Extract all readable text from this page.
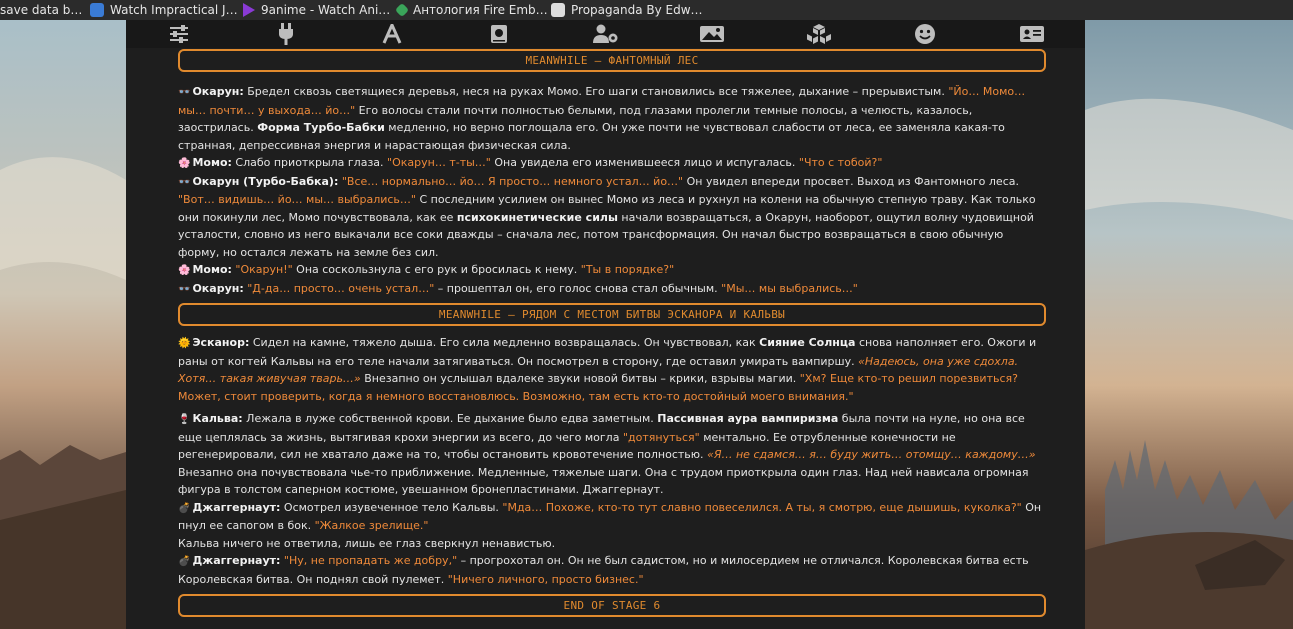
save data b… Watch Impractical J… 9anime - Watch Ani… Антология Fire Emb… Propaganda By Edw…
MEANWHILE — ФАНТОМНЫЙ ЛЕС

👓 Окарун: Бредел сквозь светящиеся деревья, неся на руках Момо. Его шаги становились все тяжелее, дыхание – прерывистым. "Йо… Момо… мы… почти… у выхода… йо…" Его волосы стали почти полностью белыми, под глазами пролегли темные полосы, а челюсть, казалось, заострилась. Форма Турбо-Бабки медленно, но верно поглощала его. Он уже почти не чувствовал слабости от леса, ее заменяла какая-то странная, депрессивная энергия и нарастающая физическая сила.

🌸 Момо: Слабо приоткрыла глаза. "Окарун… т-ты…" Она увидела его изменившееся лицо и испугалась. "Что с тобой?"

👓 Окарун (Турбо-Бабка): "Все… нормально… йо… Я просто… немного устал… йо…" Он увидел впереди просвет. Выход из Фантомного леса. "Вот… видишь… йо… мы… выбрались…" С последним усилием он вынес Момо из леса и рухнул на колени на обычную степную траву. Как только они покинули лес, Момо почувствовала, как ее психокинетические силы начали возвращаться, а Окарун, наоборот, ощутил волну чудовищной усталости, словно из него выкачали все соки дважды – сначала лес, потом трансформация. Он начал быстро возвращаться в свою обычную форму, но остался лежать на земле без сил.

🌸 Момо: "Окарун!" Она соскользнула с его рук и бросилась к нему. "Ты в порядке?"

👓 Окарун: "Д-да… просто… очень устал…" – прошептал он, его голос снова стал обычным. "Мы… мы выбрались…"

MEANWHILE — РЯДОМ С МЕСТОМ БИТВЫ ЭСКАНОРА И КАЛЬВЫ

🌞 Эсканор: Сидел на камне, тяжело дыша. Его сила медленно возвращалась. Он чувствовал, как Сияние Солнца снова наполняет его. Ожоги и раны от когтей Кальвы на его теле начали затягиваться. Он посмотрел в сторону, где оставил умирать вампиршу. «Надеюсь, она уже сдохла. Хотя… такая живучая тварь…» Внезапно он услышал вдалеке звуки новой битвы – крики, взрывы магии. "Хм? Еще кто-то решил порезвиться? Может, стоит проверить, когда я немного восстановлюсь. Возможно, там есть кто-то достойный моего внимания."

🍷 Кальва: Лежала в луже собственной крови. Ее дыхание было едва заметным. Пассивная аура вампиризма была почти на нуле, но она все еще цеплялась за жизнь, вытягивая крохи энергии из всего, до чего могла "дотянуться" ментально. Ее отрубленные конечности не регенерировали, сил не хватало даже на то, чтобы остановить кровотечение полностью. «Я… не сдамся… я… буду жить… отомщу… каждому…» Внезапно она почувствовала чье-то приближение. Медленные, тяжелые шаги. Она с трудом приоткрыла один глаз. Над ней нависала огромная фигура в толстом саперном костюме, увешанном бронепластинами. Джаггернаут.

💣 Джаггернаут: Осмотрел изувеченное тело Кальвы. "Мда… Похоже, кто-то тут славно повеселился. А ты, я смотрю, еще дышишь, куколка?" Он пнул ее сапогом в бок. "Жалкое зрелище."

Кальва ничего не ответила, лишь ее глаз сверкнул ненавистью.

💣 Джаггернаут: "Ну, не пропадать же добру," – прогрохотал он. Он не был садистом, но и милосердием не отличался. Королевская битва есть Королевская битва. Он поднял свой пулемет. "Ничего личного, просто бизнес."

END OF STAGE 6
